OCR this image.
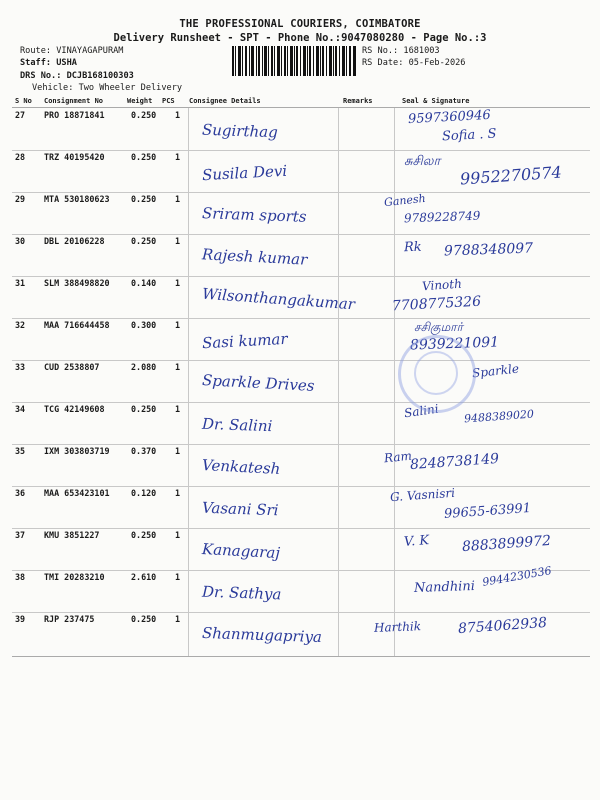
THE PROFESSIONAL COURIERS, COIMBATORE
Delivery Runsheet - SPT - Phone No.:9047080280 - Page No.:3
Route: VINAYAGAPURAM
Staff: USHA
DRS No.: DCJB168100303
Vehicle: Two Wheeler Delivery
RS No.: 1681003
RS Date: 05-Feb-2026
S No Consignment No	Weight PCS Consignee Details	Remarks	Seal & Signature
27 PRO 18871841	0.250 1
Sugirthag
9597360946
Sofia . S
28 TRZ 40195420	0.250 1
Susila Devi
சுசிலா
9952270574
29 MTA 530180623	0.250 1
Sriram sports
Ganesh
9789228749
30 DBL 20106228	0.250 1
Rajesh kumar	Rk 9788348097
31 SLM 388498820	0.140 1
Wilsonthangakumar	Vinoth
7708775326
32 MAA 716644458	0.300 1
Sasi kumar
சசிகுமார்
8939221091
33 CUD 2538807	2.080 1
Sparkle Drives
Sparkle
34 TCG 42149608	0.250 1
Dr. Salini
Salini 9488389020
35 IXM 303803719	0.370 1
Venkatesh	Ram
8248738149
36 MAA 653423101	0.120 1
Vasani Sri
G. Vasnisri
99655-63991
37 KMU 3851227	0.250 1
Kanagaraj	V. K 8883899972
38 TMI 20283210	2.610 1
Dr. Sathya	Nandhini 9944230536
39 RJP 237475	0.250 1
Shanmugapriya	Harthik	8754062938
